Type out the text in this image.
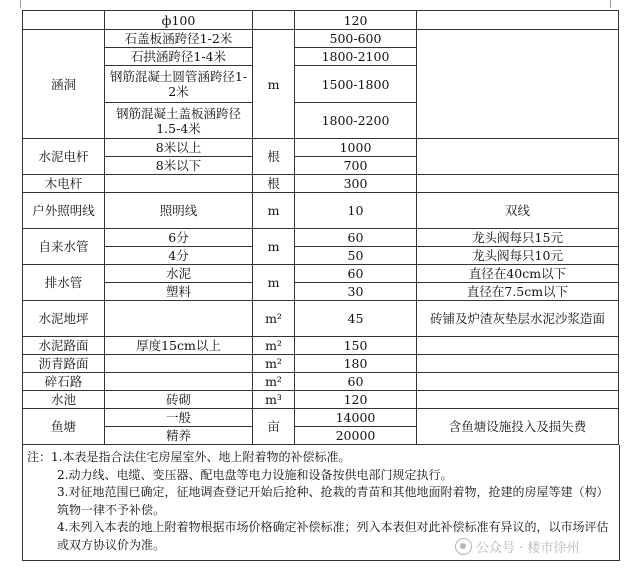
	ф100		120	
涵洞	石盖板涵跨径1-2米	m	500-600	
	石拱涵跨径1-4米		1800-2100	
	钢筋混凝土圆管涵跨径1-2米		1500-1800	

	钢筋混凝土盖板涵跨径1.5-4米		1800-2200	
水泥电杆	8米以上	根	1000	
	8米以下		700	
木电杆		根	300	
户外照明线	照明线	m	10	双线
自来水管	6分	m	60	龙头阀每只15元
	4分		50	龙头阀每只10元
排水管	水泥	m	60	直径在40cm以下
	塑料		30	直径在7.5cm以下
水泥地坪		m²	45	砖铺及炉渣灰垫层水泥沙浆造面
水泥路面	厚度15cm以上	m²	150	
沥青路面		m²	180	
碎石路		m²	60	
水池	砖砌	m³	120	
鱼塘	一般	亩	14000	含鱼塘设施投入及损失费
	精养		20000	

注：1.本表是指合法住宅房屋室外、地上附着物的补偿标准。

2.动力线、电缆、变压器、配电盘等电力设施和设备按供电部门规定执行。

3.对征地范围已确定，征地调查登记开始后抢种、抢栽的青苗和其他地面附着物，抢建的房屋等建（构）筑物一律不予补偿。

4.未列入本表的地上附着物根据市场价格确定补偿标准；列入本表但对此补偿标准有异议的，以市场评估或双方协议价为准。	公众号 · 楼市徐州
